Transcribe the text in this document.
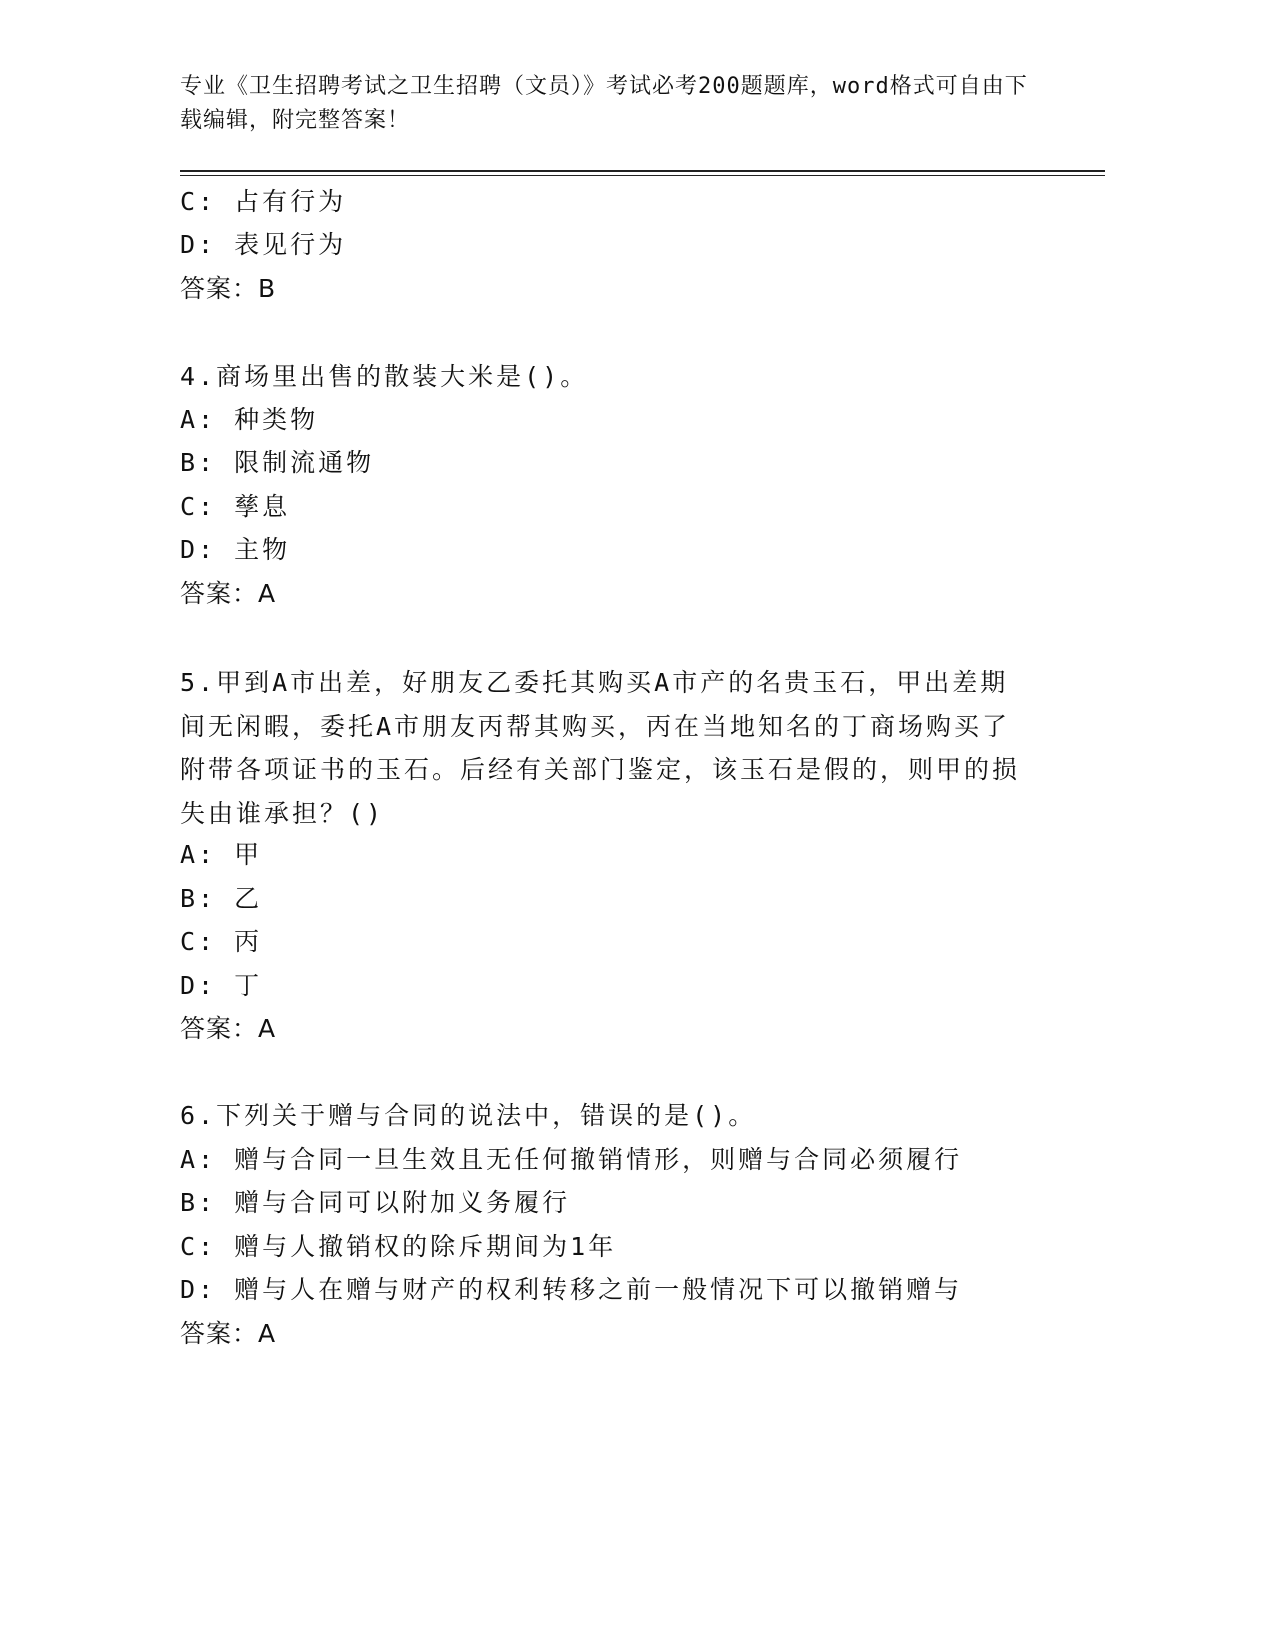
专业《卫生招聘考试之卫生招聘（文员）》考试必考200题题库，word格式可自由下载编辑，附完整答案！
C: 占有行为
D: 表见行为
答案：B
4.商场里出售的散装大米是()。
A: 种类物
B: 限制流通物
C: 孳息
D: 主物
答案：A
5.甲到A市出差，好朋友乙委托其购买A市产的名贵玉石，甲出差期间无闲暇，委托A市朋友丙帮其购买，丙在当地知名的丁商场购买了附带各项证书的玉石。后经有关部门鉴定，该玉石是假的，则甲的损失由谁承担？()
A: 甲
B: 乙
C: 丙
D: 丁
答案：A
6.下列关于赠与合同的说法中，错误的是()。
A: 赠与合同一旦生效且无任何撤销情形，则赠与合同必须履行
B: 赠与合同可以附加义务履行
C: 赠与人撤销权的除斥期间为1年
D: 赠与人在赠与财产的权利转移之前一般情况下可以撤销赠与
答案：A
